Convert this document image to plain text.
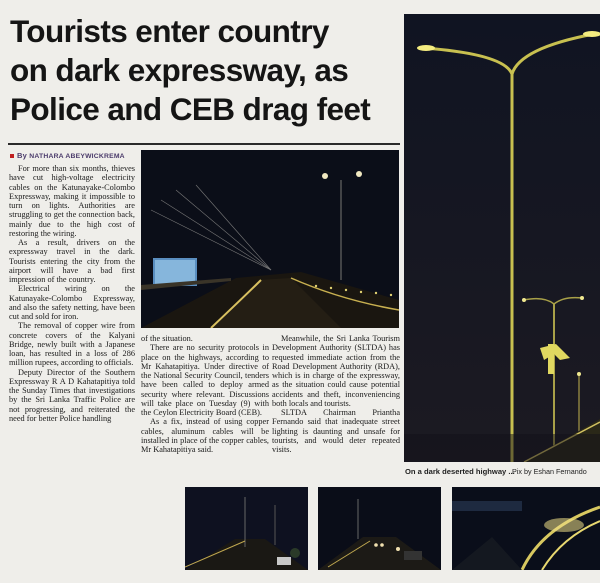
Tourists enter country
on dark expressway, as
Police and CEB drag feet
By NATHARA ABEYWICKREMA

For more than six months, thieves have cut high-voltage electricity cables on the Katunayake-Colombo Expressway, making it impossible to turn on lights. Authorities are struggling to get the connection back, mainly due to the high cost of restoring the wiring.

As a result, drivers on the expressway travel in the dark. Tourists entering the city from the airport will have a bad first impression of the country.

Electrical wiring on the Katunayake-Colombo Expressway, and also the safety netting, have been cut and sold for iron.

The removal of copper wire from concrete covers of the Kalyani Bridge, newly built with a Japanese loan, has resulted in a loss of 286 million rupees, according to officials.

Deputy Director of the Southern Expressway R A D Kahatapitiya told the Sunday Times that investigations by the Sri Lanka Traffic Police are not progressing, and reiterated the need for better Police handling

of the situation.

There are no security protocols in place on the highways, according to Mr Kahatapitiya. Under directive of the National Security Council, tenders have been called to deploy armed security where relevant. Discussions will take place on Tuesday (9) with the Ceylon Electricity Board (CEB).

As a fix, instead of using copper cables, aluminum cables will be installed in place of the copper cables, Mr Kahatapitiya said.

Meanwhile, the Sri Lanka Tourism Development Authority (SLTDA) has requested immediate action from the Road Development Authority (RDA), which is in charge of the expressway, as the situation could cause potential accidents and theft, inconveniencing both locals and tourists.

SLTDA Chairman Priantha Fernando said that inadequate street lighting is daunting and unsafe for tourists, and would deter repeated visits.

On a dark deserted highway ...
Pix by Eshan Fernando
